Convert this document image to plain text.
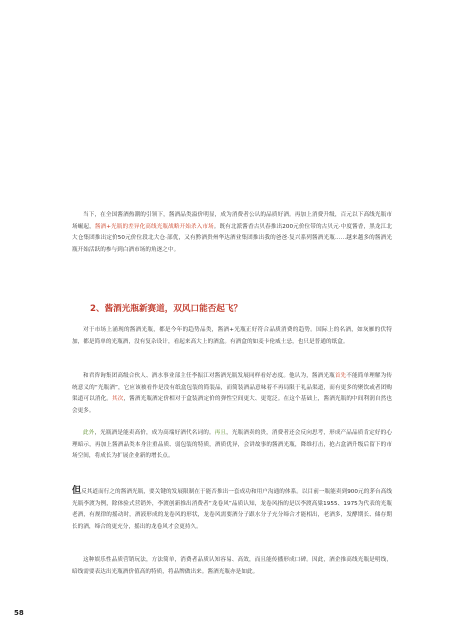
当下，在全国酱酒热潮的引领下，酱酒品类溢价明显，成为消费者公认的品质好酒。再加上消费升级，百元以下高线光瓶市场崛起，酱酒+光瓶的差异化高线光瓶战略开始杀入市场。既有北派酱香古贝春推出200元价位带的古贝元·中度酱香，黑龙江北大仓集团推出定价50元价位段北大仓·部优，又有黔酒贵州华达酒业集团推出我的爸爸·复兴系列酱酒光瓶……越来越多的酱酒光瓶开始活跃的参与到白酒市场的角逐之中。
2、酱酒光瓶新赛道，双风口能否起飞？
对于市场上涌现的酱酒光瓶，都是今年的趋势品类，酱酒+光瓶正好符合品质消费的趋势。国际上的名酒，如灰雁的伏特加，都是简单的光瓶酒，没有复杂设计，看起来高大上的酒盒。有酒盒的如麦卡伦威士忌，也只是普通的纸盒。
和君咨询集团高级合伙人、酒水事业部主任李振江对酱酒光瓶发展同样看好态度。他认为，酱酒光瓶首先不能简单理解为传统意义的“光瓶酒”，它应该被看作是没有纸盒包装的简装品，而简装酒品意味着不再局限于礼品渠道，而有更多的聚饮或者团购渠道可以消化。其次，酱酒光瓶酒定价相对于盒装酒定价的弹性空间更大、更宽泛。在这个基础上，酱酒光瓶的中间利润自然也会更多。
此外，光瓶酒是能卖高价，成为高端好酒代名词的。再且，光瓶酒卖的贵，消费者还会反向思考，形成产品品质肯定好的心理暗示，再加上酱酒品类本身注重品质、弱包装的特质，酒质优异，会讲故事的酱酒光瓶，降维打击，抢占盒酒升级后留下的市场空间，将成长为扩展企业新的增长点。
但反其道而行之的酱酒光瓶，要关键的发展限制在于能否推出一套成功和用户沟通的体系。以目前一瓶能卖到900元的茅台高线光瓶李渡为例，除体验式营销外，李渡创新推出消费者“龙卷风”品质认知，龙卷风指的是以李渡高粱1955、1975为代表的光瓶老酒，有规律的摇动时，酒液形成的龙卷风的形状，龙卷风需要酒分子跟水分子充分缔合才能相出，老酒多，发酵期长、储存期长的酒，缔合的更充分，摇出的龙卷风才会更持久。
这种娱乐性品质营销玩法，方法简单，消费者品质认知容易、高效，而且能传播形成口碑。因此，酒企推高线光瓶是明线，暗线需要表达出光瓶酒价值高的特质，将品牌做出来。酱酒光瓶亦是如此。
58
